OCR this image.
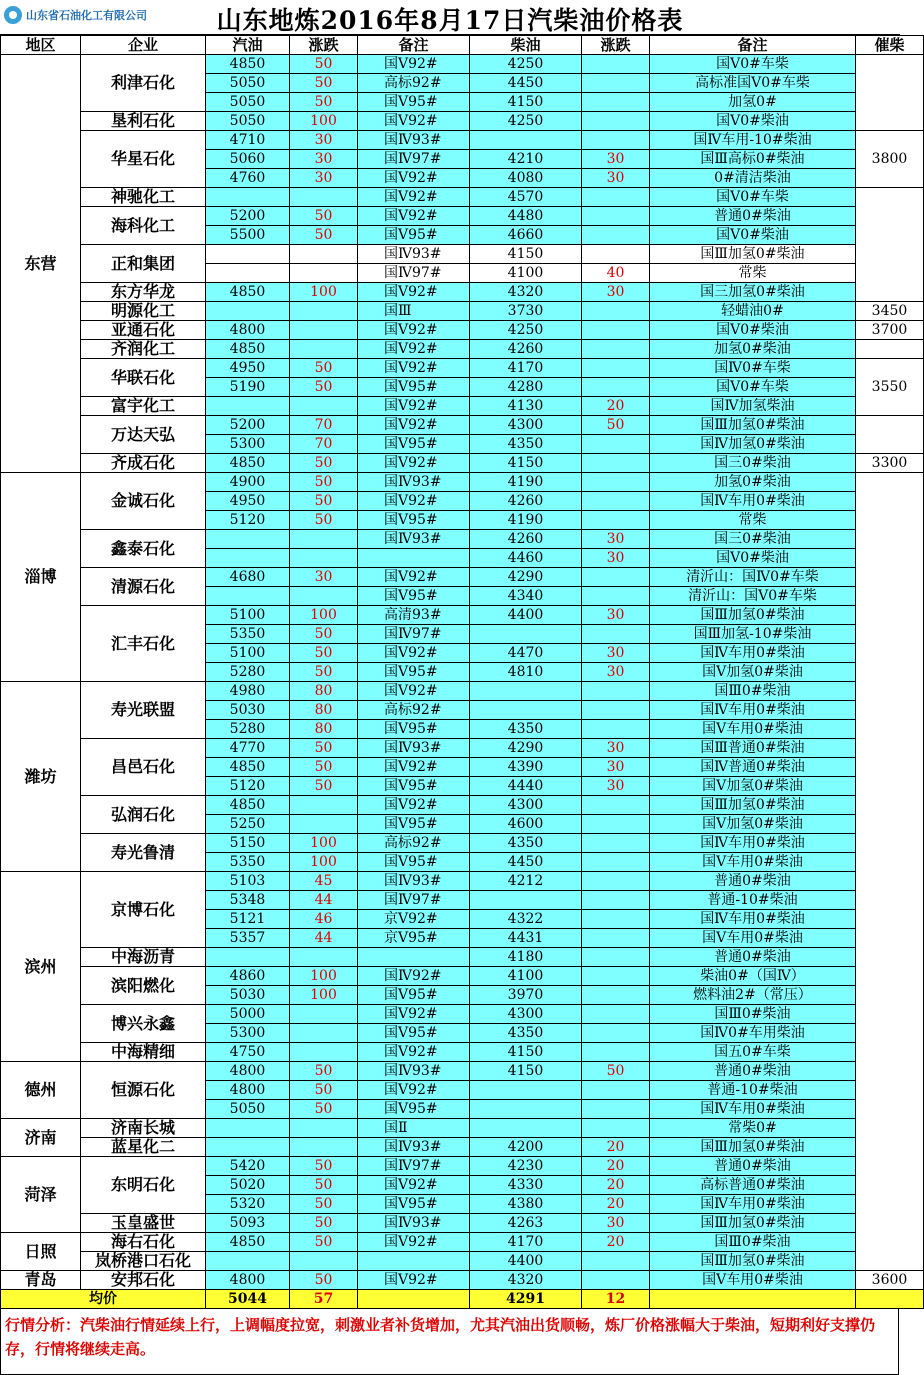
山东省石油化工有限公司	山东地炼2016年8月17日汽柴油价格表
地区	企业	汽油	涨跌	备注	柴油	涨跌	备注	催柴
东营	利津石化	4850	50	国Ⅴ92#	4250		国Ⅴ0#车柴	
		5050	50	高标92#	4450		高标准国Ⅴ0#车柴	
		5050	50	国Ⅴ95#	4150		加氢0#	
	垦利石化	5050	100	国Ⅴ92#	4250		国Ⅴ0#柴油	
	华星石化	4710	30	国Ⅳ93#			国Ⅳ车用-10#柴油	3800
		5060	30	国Ⅳ97#	4210	30	国Ⅲ高标0#柴油	
		4760	30	国Ⅴ92#	4080	30	0#清洁柴油	
	神驰化工			国Ⅴ92#	4570		国Ⅴ0#车柴	
	海科化工	5200	50	国Ⅴ92#	4480		普通0#柴油	
		5500	50	国Ⅴ95#	4660		国Ⅴ0#柴油	
	正和集团			国Ⅳ93#	4150		国Ⅲ加氢0#柴油	
				国Ⅳ97#	4100	40	常柴	
	东方华龙	4850	100	国Ⅴ92#	4320	30	国三加氢0#柴油	
	明源化工			国Ⅲ	3730		轻蜡油0#	3450
	亚通石化	4800		国Ⅴ92#	4250		国Ⅴ0#柴油	3700
	齐润化工	4850		国Ⅴ92#	4260		加氢0#柴油	
	华联石化	4950	50	国Ⅴ92#	4170		国Ⅳ0#车柴	3550
		5190	50	国Ⅴ95#	4280		国Ⅴ0#车柴	
	富宇化工			国Ⅴ92#	4130	20	国Ⅳ加氢柴油	
	万达天弘	5200	70	国Ⅴ92#	4300	50	国Ⅲ加氢0#柴油	
		5300	70	国Ⅴ95#	4350		国Ⅳ加氢0#柴油	
	齐成石化	4850	50	国Ⅴ92#	4150		国三0#柴油	3300
淄博	金诚石化	4900	50	国Ⅳ93#	4190		加氢0#柴油	
		4950	50	国Ⅴ92#	4260		国Ⅳ车用0#柴油	
		5120	50	国Ⅴ95#	4190		常柴	
	鑫泰石化			国Ⅳ93#	4260	30	国三0#柴油	
					4460	30	国Ⅴ0#柴油	
	清源石化	4680	30	国Ⅴ92#	4290		清沂山：国Ⅳ0#车柴	
				国Ⅴ95#	4340		清沂山：国Ⅴ0#车柴	
	汇丰石化	5100	100	高清93#	4400	30	国Ⅲ加氢0#柴油	
		5350	50	国Ⅳ97#			国Ⅲ加氢-10#柴油	
		5100	50	国Ⅴ92#	4470	30	国Ⅳ车用0#柴油	
		5280	50	国Ⅴ95#	4810	30	国Ⅴ加氢0#柴油	
潍坊	寿光联盟	4980	80	国Ⅴ92#			国Ⅲ0#柴油	
		5030	80	高标92#			国Ⅳ车用0#柴油	
		5280	80	国Ⅴ95#	4350		国Ⅴ车用0#柴油	
	昌邑石化	4770	50	国Ⅳ93#	4290	30	国Ⅲ普通0#柴油	
		4850	50	国Ⅴ92#	4390	30	国Ⅳ普通0#柴油	
		5120	50	国Ⅴ95#	4440	30	国Ⅴ加氢0#柴油	
	弘润石化	4850		国Ⅴ92#	4300		国Ⅲ加氢0#柴油	
		5250		国Ⅴ95#	4600		国Ⅴ加氢0#柴油	
	寿光鲁清	5150	100	高标92#	4350		国Ⅳ车用0#柴油	
		5350	100	国Ⅴ95#	4450		国Ⅴ车用0#柴油	
滨州	京博石化	5103	45	国Ⅳ93#	4212		普通0#柴油	
		5348	44	国Ⅳ97#			普通-10#柴油	
		5121	46	京Ⅴ92#	4322		国Ⅳ车用0#柴油	
		5357	44	京Ⅴ95#	4431		国Ⅴ车用0#柴油	
	中海沥青				4180		普通0#柴油	
	滨阳燃化	4860	100	国Ⅳ92#	4100		柴油0#（国Ⅳ）	
		5030	100	国Ⅴ95#	3970		燃料油2#（常压）	
	博兴永鑫	5000		国Ⅴ92#	4300		国Ⅲ0#柴油	
		5300		国Ⅴ95#	4350		国Ⅳ0#车用柴油	
	中海精细	4750		国Ⅴ92#	4150		国五0#车柴	
德州	恒源石化	4800	50	国Ⅳ93#	4150	50	普通0#柴油	
		4800	50	国Ⅴ92#			普通-10#柴油	
		5050	50	国Ⅴ95#			国Ⅳ车用0#柴油	
济南	济南长城			国Ⅱ			常柴0#	
	蓝星化二			国Ⅳ93#	4200	20	国Ⅲ加氢0#柴油	
菏泽	东明石化	5420	50	国Ⅳ97#	4230	20	普通0#柴油	
		5020	50	国Ⅴ92#	4330	20	高标普通0#柴油	
		5320	50	国Ⅴ95#	4380	20	国Ⅳ车用0#柴油	
	玉皇盛世	5093	50	国Ⅳ93#	4263	30	国Ⅲ加氢0#柴油	
日照	海右石化	4850	50	国Ⅴ92#	4170	20	国Ⅲ0#柴油	
	岚桥港口石化				4400		国Ⅲ加氢0#柴油	
青岛	安邦石化	4800	50	国Ⅴ92#	4320		国Ⅴ车用0#柴油	3600
均价		5044	57		4291	12		
行情分析：汽柴油行情延续上行，上调幅度拉宽，刺激业者补货增加，尤其汽油出货顺畅，炼厂价格涨幅大于柴油，短期利好支撑仍存，行情将继续走高。
